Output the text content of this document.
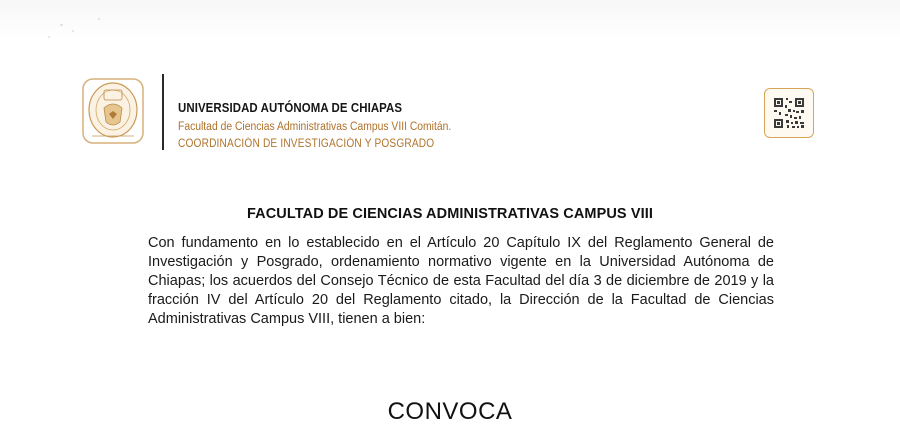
UNIVERSIDAD AUTÓNOMA DE CHIAPAS
Facultad de Ciencias Administrativas Campus VIII Comitán.
COORDINACIÓN DE INVESTIGACIÓN Y POSGRADO
FACULTAD DE CIENCIAS ADMINISTRATIVAS CAMPUS VIII
Con fundamento en lo establecido en el Artículo 20 Capítulo IX del Reglamento General de Investigación y Posgrado, ordenamiento normativo vigente en la Universidad Autónoma de Chiapas; los acuerdos del Consejo Técnico de esta Facultad del día 3 de diciembre de 2019 y la fracción IV del Artículo 20 del Reglamento citado, la Dirección de la Facultad de Ciencias Administrativas Campus VIII, tienen a bien:
CONVOCA
